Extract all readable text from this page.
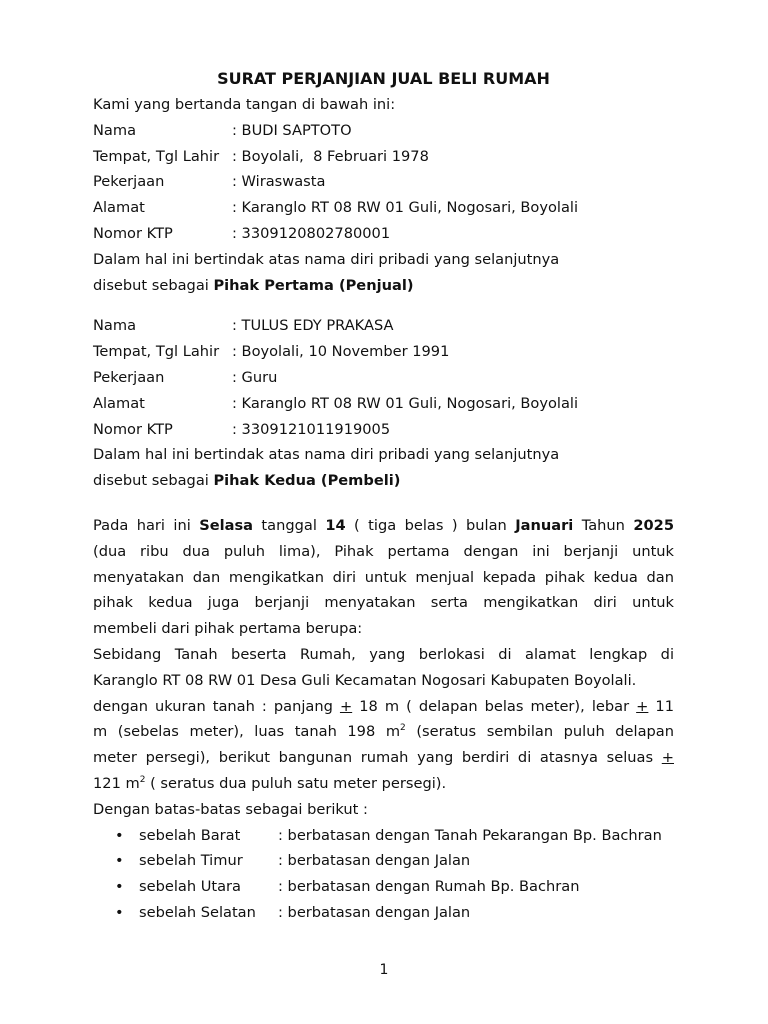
SURAT PERJANJIAN JUAL BELI RUMAH
Kami yang bertanda tangan di bawah ini:
Nama	: BUDI SAPTOTO
Tempat, Tgl Lahir : Boyolali,  8 Februari 1978
Pekerjaan	: Wiraswasta
Alamat	: Karanglo RT 08 RW 01 Guli, Nogosari, Boyolali
Nomor KTP	: 3309120802780001
Dalam hal ini bertindak atas nama diri pribadi yang selanjutnya
disebut sebagai Pihak Pertama (Penjual)
Nama	: TULUS EDY PRAKASA
Tempat, Tgl Lahir : Boyolali, 10 November 1991
Pekerjaan	: Guru
Alamat	: Karanglo RT 08 RW 01 Guli, Nogosari, Boyolali
Nomor KTP	: 3309121011919005
Dalam hal ini bertindak atas nama diri pribadi yang selanjutnya
disebut sebagai Pihak Kedua (Pembeli)
Pada hari ini Selasa tanggal 14 ( tiga belas ) bulan Januari Tahun 2025
(dua ribu dua puluh lima), Pihak pertama dengan ini berjanji untuk
menyatakan dan mengikatkan diri untuk menjual kepada pihak kedua dan
pihak kedua juga berjanji menyatakan serta mengikatkan diri untuk
membeli dari pihak pertama berupa:
Sebidang Tanah beserta Rumah, yang berlokasi di alamat lengkap di
Karanglo RT 08 RW 01 Desa Guli Kecamatan Nogosari Kabupaten Boyolali.
dengan ukuran tanah : panjang + 18 m ( delapan belas meter), lebar + 11
m (sebelas meter), luas tanah 198 $m^2$ (seratus sembilan puluh delapan
meter persegi), berikut bangunan rumah yang berdiri di atasnya seluas +
121 $m^2$ ( seratus dua puluh satu meter persegi).
Dengan batas-batas sebagai berikut :
•	sebelah Barat	: berbatasan dengan Tanah Pekarangan Bp. Bachran
•	sebelah Timur	: berbatasan dengan Jalan
•	sebelah Utara	: berbatasan dengan Rumah Bp. Bachran
•	sebelah Selatan	: berbatasan dengan Jalan
1
